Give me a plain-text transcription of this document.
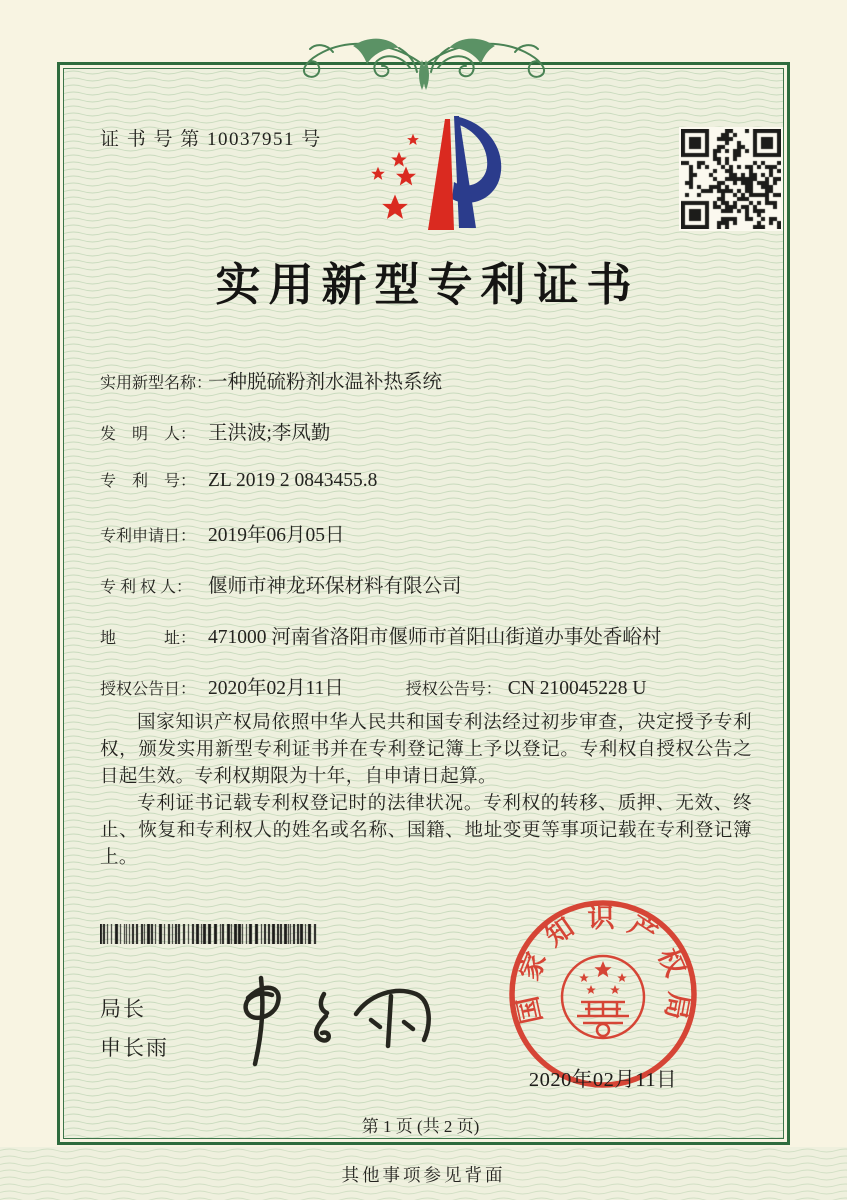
证 书 号 第 10037951 号
实用新型专利证书
实用新型名称：一种脱硫粉剂水温补热系统
发　明　人： 王洪波;李凤勤
专　利　号： ZL 2019 2 0843455.8
专利申请日： 2019年06月05日
专 利 权 人： 偃师市神龙环保材料有限公司
地　　　址： 471000 河南省洛阳市偃师市首阳山街道办事处香峪村
授权公告日： 2020年02月11日	授权公告号： CN 210045228 U

国家知识产权局依照中华人民共和国专利法经过初步审查，决定授予专利权，颁发实用新型专利证书并在专利登记簿上予以登记。专利权自授权公告之日起生效。专利权期限为十年，自申请日起算。

专利证书记载专利权登记时的法律状况。专利权的转移、质押、无效、终止、恢复和专利权人的姓名或名称、国籍、地址变更等事项记载在专利登记簿上。

局长
申长雨
国家知识产权局
2020年02月11日
第 1 页 (共 2 页)
其他事项参见背面
